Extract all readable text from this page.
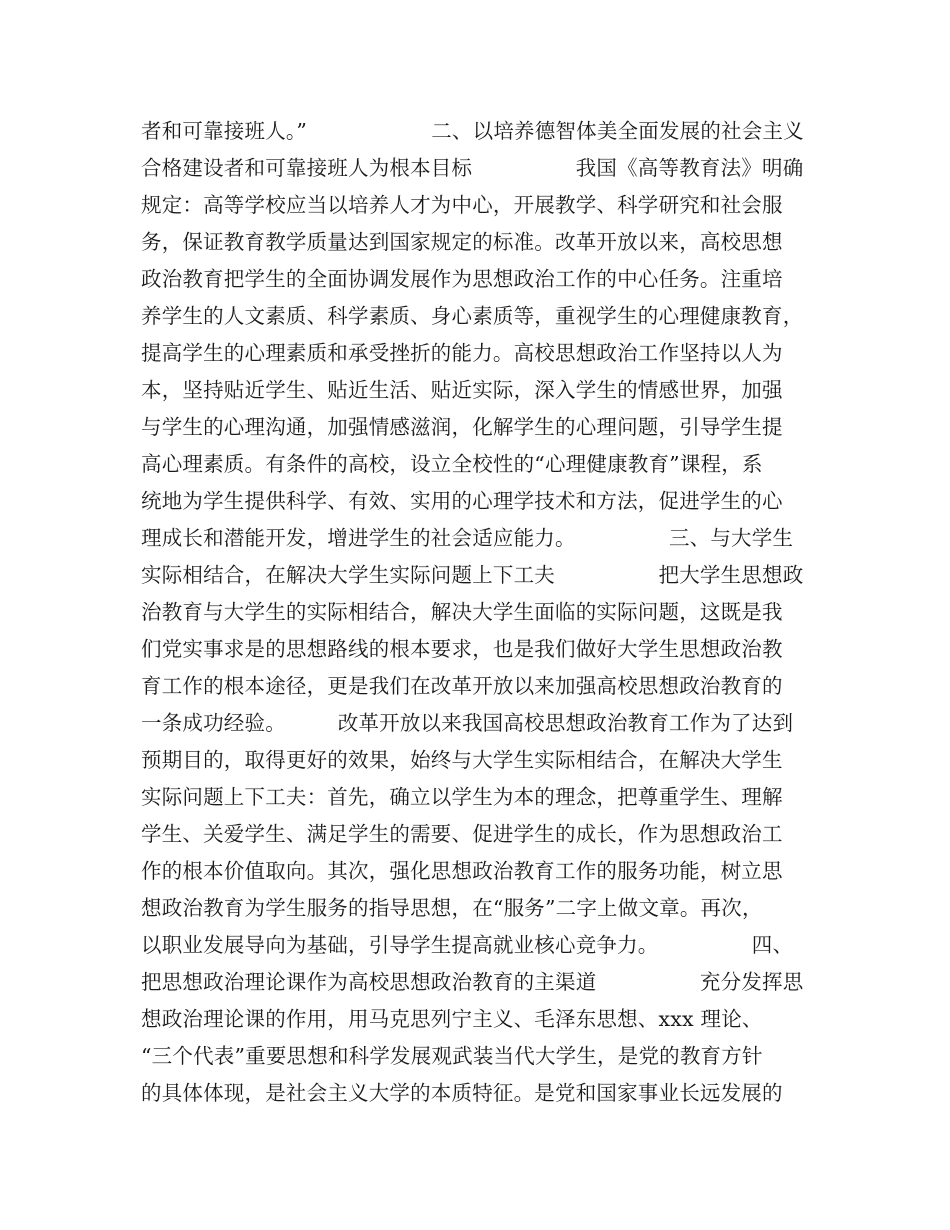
者和可靠接班人。”　　　　　　二、以培养德智体美全面发展的社会主义
合格建设者和可靠接班人为根本目标　　　　　我国《高等教育法》明确
规定：高等学校应当以培养人才为中心，开展教学、科学研究和社会服
务，保证教育教学质量达到国家规定的标准。改革开放以来，高校思想
政治教育把学生的全面协调发展作为思想政治工作的中心任务。注重培
养学生的人文素质、科学素质、身心素质等，重视学生的心理健康教育，
提高学生的心理素质和承受挫折的能力。高校思想政治工作坚持以人为
本，坚持贴近学生、贴近生活、贴近实际，深入学生的情感世界，加强
与学生的心理沟通，加强情感滋润，化解学生的心理问题，引导学生提
高心理素质。有条件的高校，设立全校性的“心理健康教育”课程，系
统地为学生提供科学、有效、实用的心理学技术和方法，促进学生的心
理成长和潜能开发，增进学生的社会适应能力。　　　　　三、与大学生
实际相结合，在解决大学生实际问题上下工夫　　　　　把大学生思想政
治教育与大学生的实际相结合，解决大学生面临的实际问题，这既是我
们党实事求是的思想路线的根本要求，也是我们做好大学生思想政治教
育工作的根本途径，更是我们在改革开放以来加强高校思想政治教育的
一条成功经验。　　　改革开放以来我国高校思想政治教育工作为了达到
预期目的，取得更好的效果，始终与大学生实际相结合，在解决大学生
实际问题上下工夫：首先，确立以学生为本的理念，把尊重学生、理解
学生、关爱学生、满足学生的需要、促进学生的成长，作为思想政治工
作的根本价值取向。其次，强化思想政治教育工作的服务功能，树立思
想政治教育为学生服务的指导思想，在“服务”二字上做文章。再次，
以职业发展导向为基础，引导学生提高就业核心竞争力。　　　　　四、
把思想政治理论课作为高校思想政治教育的主渠道　　　　　充分发挥思
想政治理论课的作用，用马克思列宁主义、毛泽东思想、xxx 理论、
“三个代表”重要思想和科学发展观武装当代大学生，是党的教育方针
的具体体现，是社会主义大学的本质特征。是党和国家事业长远发展的
